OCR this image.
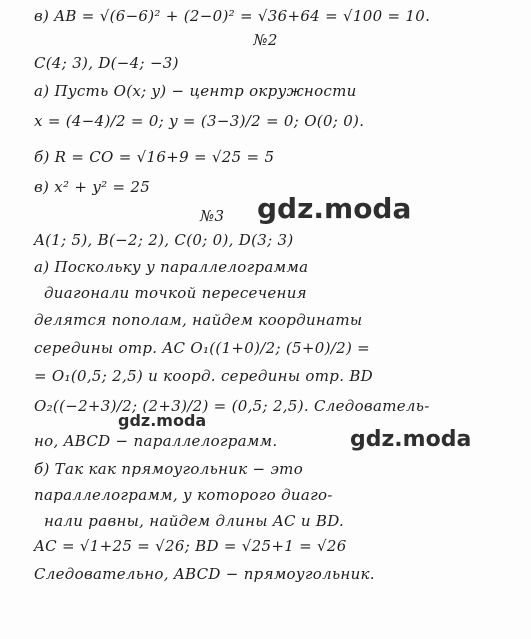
в) AB = √(6−6)² + (2−0)² = √36+64 = √100 = 10.
№2
C(4; 3), D(−4; −3)
а) Пусть O(x; y) − центр окружности
x = (4−4)/2 = 0; y = (3−3)/2 = 0; O(0; 0).
б) R = CO = √16+9 = √25 = 5
в) x² + y² = 25
№3
A(1; 5), B(−2; 2), C(0; 0), D(3; 3)
а) Поскольку у параллелограмма
диагонали точкой пересечения
делятся пополам, найдем координаты
середины отр. AC O₁((1+0)/2; (5+0)/2) =
= O₁(0,5; 2,5) и коорд. середины отр. BD
O₂((−2+3)/2; (2+3)/2) = (0,5; 2,5). Следователь-
но, ABCD − параллелограмм.
б) Так как прямоугольник − это
параллелограмм, у которого диаго-
нали равны, найдем длины AC и BD.
AC = √1+25 = √26; BD = √25+1 = √26
Следовательно, ABCD − прямоугольник.
gdz.moda
gdz.moda
gdz.moda
